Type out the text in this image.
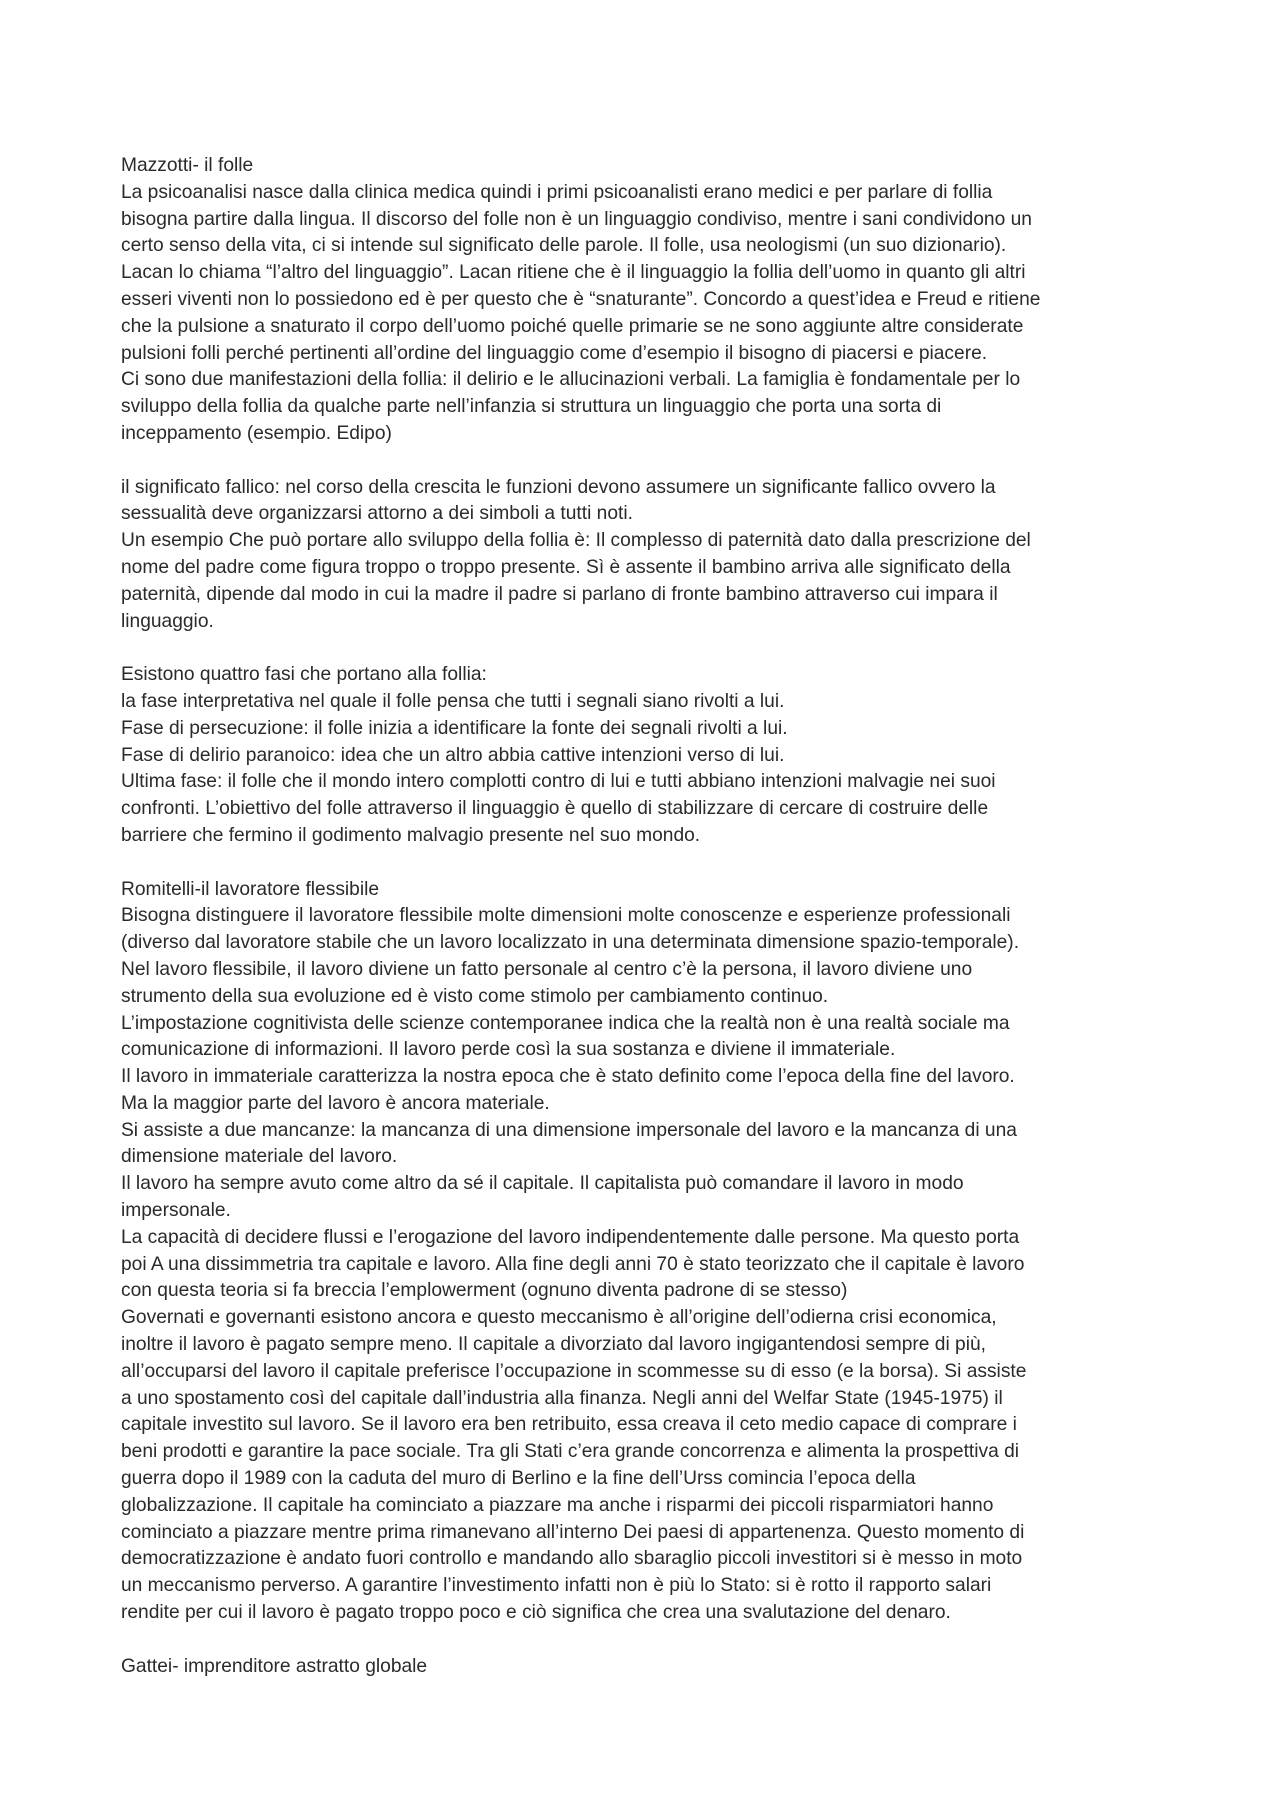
Mazzotti- il folle
La psicoanalisi nasce dalla clinica medica quindi i primi psicoanalisti erano medici e per parlare di follia
bisogna partire dalla lingua. Il discorso del folle non è un linguaggio condiviso, mentre i sani condividono un
certo senso della vita, ci si intende sul significato delle parole. Il folle, usa neologismi (un suo dizionario).
Lacan lo chiama “l’altro del linguaggio”. Lacan ritiene che è il linguaggio la follia dell’uomo in quanto gli altri
esseri viventi non lo possiedono ed è per questo che è “snaturante”. Concordo a quest’idea e Freud e ritiene
che la pulsione a snaturato il corpo dell’uomo poiché quelle primarie se ne sono aggiunte altre considerate
pulsioni folli perché pertinenti all’ordine del linguaggio come d’esempio il bisogno di piacersi e piacere.
Ci sono due manifestazioni della follia: il delirio e le allucinazioni verbali. La famiglia è fondamentale per lo
sviluppo della follia da qualche parte nell’infanzia si struttura un linguaggio che porta una sorta di
inceppamento (esempio. Edipo)
il significato fallico: nel corso della crescita le funzioni devono assumere un significante fallico ovvero la
sessualità deve organizzarsi attorno a dei simboli a tutti noti.
Un esempio Che può portare allo sviluppo della follia è: Il complesso di paternità dato dalla prescrizione del
nome del padre come figura troppo o troppo presente. Sì è assente il bambino arriva alle significato della
paternità, dipende dal modo in cui la madre il padre si parlano di fronte bambino attraverso cui impara il
linguaggio.
Esistono quattro fasi che portano alla follia:
la fase interpretativa nel quale il folle pensa che tutti i segnali siano rivolti a lui.
Fase di persecuzione: il folle inizia a identificare la fonte dei segnali rivolti a lui.
Fase di delirio paranoico: idea che un altro abbia cattive intenzioni verso di lui.
Ultima fase: il folle che il mondo intero complotti contro di lui e tutti abbiano intenzioni malvagie nei suoi
confronti. L’obiettivo del folle attraverso il linguaggio è quello di stabilizzare di cercare di costruire delle
barriere che fermino il godimento malvagio presente nel suo mondo.
Romitelli-il lavoratore flessibile
Bisogna distinguere il lavoratore flessibile molte dimensioni molte conoscenze e esperienze professionali
(diverso dal lavoratore stabile che un lavoro localizzato in una determinata dimensione spazio-temporale).
Nel lavoro flessibile, il lavoro diviene un fatto personale al centro c’è la persona, il lavoro diviene uno
strumento della sua evoluzione ed è visto come stimolo per cambiamento continuo.
L’impostazione cognitivista delle scienze contemporanee indica che la realtà non è una realtà sociale ma
comunicazione di informazioni. Il lavoro perde così la sua sostanza e diviene il immateriale.
Il lavoro in immateriale caratterizza la nostra epoca che è stato definito come l’epoca della fine del lavoro.
Ma la maggior parte del lavoro è ancora materiale.
Si assiste a due mancanze: la mancanza di una dimensione impersonale del lavoro e la mancanza di una
dimensione materiale del lavoro.
Il lavoro ha sempre avuto come altro da sé il capitale. Il capitalista può comandare il lavoro in modo
impersonale.
La capacità di decidere flussi e l’erogazione del lavoro indipendentemente dalle persone. Ma questo porta
poi A una dissimmetria tra capitale e lavoro. Alla fine degli anni 70 è stato teorizzato che il capitale è lavoro
con questa teoria si fa breccia l’emplowerment (ognuno diventa padrone di se stesso)
Governati e governanti esistono ancora e questo meccanismo è all’origine dell’odierna crisi economica,
inoltre il lavoro è pagato sempre meno. Il capitale a divorziato dal lavoro ingigantendosi sempre di più,
all’occuparsi del lavoro il capitale preferisce l’occupazione in scommesse su di esso (e la borsa). Si assiste
a uno spostamento così del capitale dall’industria alla finanza. Negli anni del Welfar State (1945-1975) il
capitale investito sul lavoro. Se il lavoro era ben retribuito, essa creava il ceto medio capace di comprare i
beni prodotti e garantire la pace sociale. Tra gli Stati c’era grande concorrenza e alimenta la prospettiva di
guerra dopo il 1989 con la caduta del muro di Berlino e la fine dell’Urss comincia l’epoca della
globalizzazione. Il capitale ha cominciato a piazzare ma anche i risparmi dei piccoli risparmiatori hanno
cominciato a piazzare mentre prima rimanevano all’interno Dei paesi di appartenenza. Questo momento di
democratizzazione è andato fuori controllo e mandando allo sbaraglio piccoli investitori si è messo in moto
un meccanismo perverso. A garantire l’investimento infatti non è più lo Stato: si è rotto il rapporto salari
rendite per cui il lavoro è pagato troppo poco e ciò significa che crea una svalutazione del denaro.
Gattei- imprenditore astratto globale
